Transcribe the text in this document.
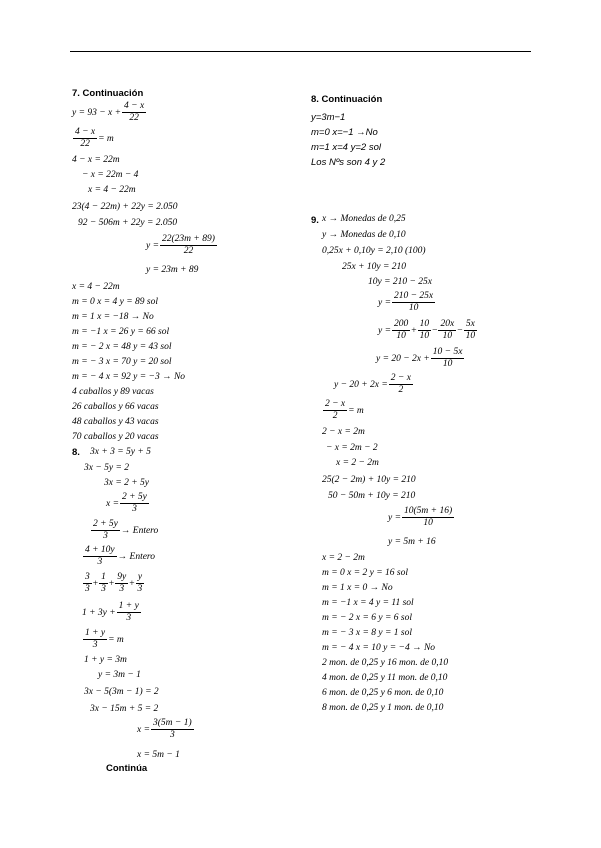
7. Continuación
$y = 93 - x + \frac{4 - x}{22}$
$\frac{4 - x}{22} = m$
4 − x = 22m
− x = 22m − 4
x = 4 − 22m
23(4 − 22m) + 22y = 2.050
92 − 506m + 22y = 2.050
$y = \frac{22(23m + 89)}{22}$
y = 23m + 89
x = 4 − 22m
m = 0 x = 4 y = 89 sol
m = 1 x = −18 → No
m = −1 x = 26 y = 66 sol
m = − 2 x = 48 y = 43 sol
m = − 3 x = 70 y = 20 sol
m = − 4 x = 92 y = −3 → No
4 caballos y 89 vacas
26 caballos y 66 vacas
48 caballos y 43 vacas
70 caballos y 20 vacas
8. 3x + 3 = 5y + 5
3x − 5y = 2
3x = 2 + 5y
$x = \frac{2 + 5y}{3}$
$\frac{2 + 5y}{3}$ → Entero
$\frac{4 + 10y}{3}$ → Entero
$\frac{3}{3} + \frac{1}{3} + \frac{9y}{3} + \frac{y}{3}$
$1 + 3y + \frac{1 + y}{3}$
$\frac{1 + y}{3} = m$
1 + y = 3m
y = 3m − 1
3x − 5(3m − 1) = 2
3x − 15m + 5 = 2
$x = \frac{3(5m - 1)}{3}$
x = 5m − 1
Continúa
8. Continuación
y=3m−1
m=0 x=−1 →No
m=1 x=4 y=2 sol
Los Nºs son 4 y 2
9. x → Monedas de 0,25
y → Monedas de 0,10
0,25x + 0,10y = 2,10 (100)
25x + 10y = 210
10y = 210 − 25x
$y = \frac{210 - 25x}{10}$
$y = \frac{200}{10} + \frac{10}{10} - \frac{20x}{10} - \frac{5x}{10}$
$y = 20 - 2x + \frac{10 - 5x}{10}$
$y - 20 + 2x = \frac{2 - x}{2}$
$\frac{2 - x}{2} = m$
2 − x = 2m
− x = 2m − 2
x = 2 − 2m
25(2 − 2m) + 10y = 210
50 − 50m + 10y = 210
$y = \frac{10(5m + 16)}{10}$
y = 5m + 16
x = 2 − 2m
m = 0 x = 2 y = 16 sol
m = 1 x = 0 → No
m = −1 x = 4 y = 11 sol
m = − 2 x = 6 y = 6 sol
m = − 3 x = 8 y = 1 sol
m = − 4 x = 10 y = −4 → No
2 mon. de 0,25 y 16 mon. de 0,10
4 mon. de 0,25 y 11 mon. de 0,10
6 mon. de 0,25 y 6 mon. de 0,10
8 mon. de 0,25 y 1 mon. de 0,10
